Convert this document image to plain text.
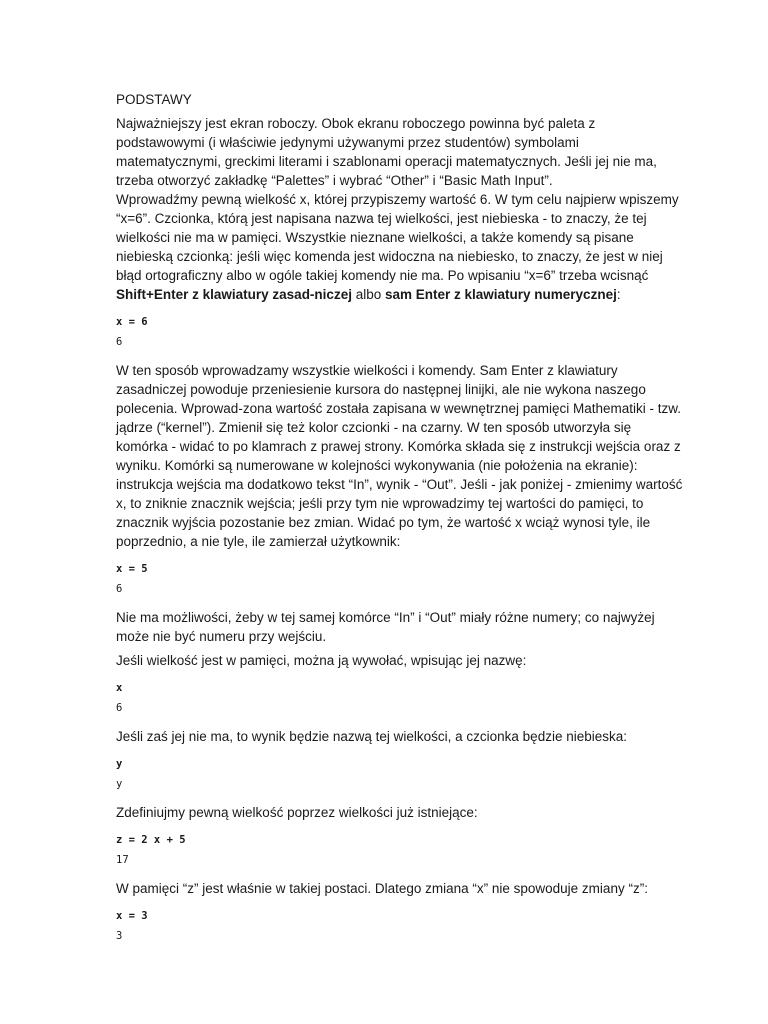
PODSTAWY

Najważniejszy jest ekran roboczy. Obok ekranu roboczego powinna być paleta z podstawowymi (i właściwie jedynymi używanymi przez studentów) symbolami matematycznymi, greckimi literami i szablonami operacji matematycznych. Jeśli jej nie ma, trzeba otworzyć zakładkę “Palettes” i wybrać “Other” i “Basic Math Input”.

Wprowadźmy pewną wielkość x, której przypiszemy wartość 6. W tym celu najpierw wpiszemy “x=6”. Czcionka, którą jest napisana nazwa tej wielkości, jest niebieska - to znaczy, że tej wielkości nie ma w pamięci. Wszystkie nieznane wielkości, a także komendy są pisane niebieską czcionką: jeśli więc komenda jest widoczna na niebiesko, to znaczy, że jest w niej błąd ortograficzny albo w ogóle takiej komendy nie ma. Po wpisaniu “x=6” trzeba wcisnąć Shift+Enter z klawiatury zasad-niczej albo sam Enter z klawiatury numerycznej:

x = 6

6

W ten sposób wprowadzamy wszystkie wielkości i komendy. Sam Enter z klawiatury zasadniczej powoduje przeniesienie kursora do następnej linijki, ale nie wykona naszego polecenia. Wprowad-zona wartość została zapisana w wewnętrznej pamięci Mathematiki - tzw. jądrze (“kernel”). Zmienił się też kolor czcionki - na czarny. W ten sposób utworzyła się komórka - widać to po klamrach z prawej strony. Komórka składa się z instrukcji wejścia oraz z wyniku. Komórki są numerowane w kolejności wykonywania (nie położenia na ekranie): instrukcja wejścia ma dodatkowo tekst “In”, wynik - “Out”. Jeśli - jak poniżej - zmienimy wartość x, to zniknie znacznik wejścia; jeśli przy tym nie wprowadzimy tej wartości do pamięci, to znacznik wyjścia pozostanie bez zmian. Widać po tym, że wartość x wciąż wynosi tyle, ile poprzednio, a nie tyle, ile zamierzał użytkownik:

x = 5

6

Nie ma możliwości, żeby w tej samej komórce “In” i “Out” miały różne numery; co najwyżej może nie być numeru przy wejściu.

Jeśli wielkość jest w pamięci, można ją wywołać, wpisując jej nazwę:

x

6

Jeśli zaś jej nie ma, to wynik będzie nazwą tej wielkości, a czcionka będzie niebieska:

y

y

Zdefiniujmy pewną wielkość poprzez wielkości już istniejące:

z = 2 x + 5

17

W pamięci “z” jest właśnie w takiej postaci. Dlatego zmiana “x” nie spowoduje zmiany “z”:

x = 3

3
